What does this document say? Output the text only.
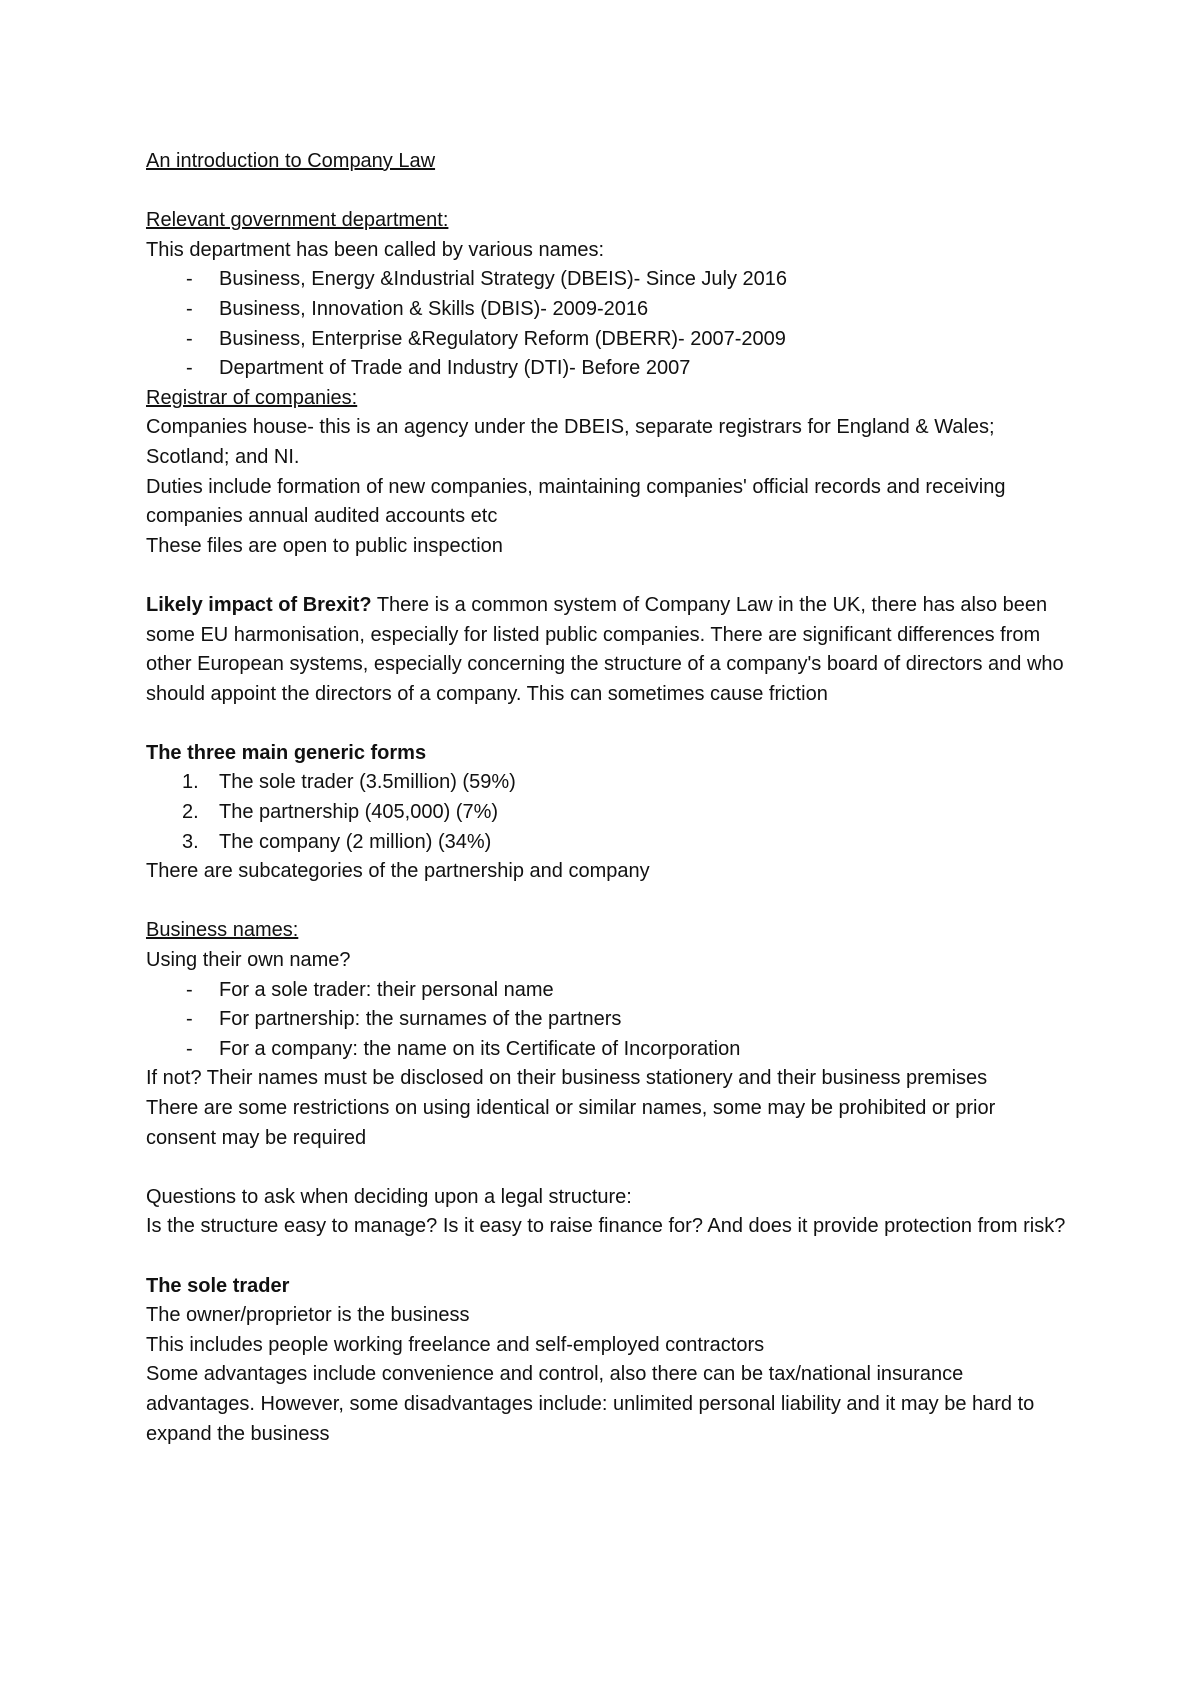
An introduction to Company Law

Relevant government department:

This department has been called by various names:

- Business, Energy &Industrial Strategy (DBEIS)- Since July 2016
- Business, Innovation & Skills (DBIS)- 2009-2016
- Business, Enterprise &Regulatory Reform (DBERR)- 2007-2009
- Department of Trade and Industry (DTI)- Before 2007

Registrar of companies:

Companies house- this is an agency under the DBEIS, separate registrars for England & Wales; Scotland; and NI.

Duties include formation of new companies, maintaining companies' official records and receiving companies annual audited accounts etc

These files are open to public inspection

Likely impact of Brexit? There is a common system of Company Law in the UK, there has also been some EU harmonisation, especially for listed public companies. There are significant differences from other European systems, especially concerning the structure of a company's board of directors and who should appoint the directors of a company. This can sometimes cause friction

The three main generic forms

1. The sole trader (3.5million) (59%)
2. The partnership (405,000) (7%)
3. The company (2 million) (34%)

There are subcategories of the partnership and company

Business names:

Using their own name?

- For a sole trader: their personal name
- For partnership: the surnames of the partners
- For a company: the name on its Certificate of Incorporation

If not? Their names must be disclosed on their business stationery and their business premises

There are some restrictions on using identical or similar names, some may be prohibited or prior consent may be required

Questions to ask when deciding upon a legal structure:

Is the structure easy to manage? Is it easy to raise finance for? And does it provide protection from risk?

The sole trader

The owner/proprietor is the business

This includes people working freelance and self-employed contractors

Some advantages include convenience and control, also there can be tax/national insurance advantages. However, some disadvantages include: unlimited personal liability and it may be hard to expand the business
